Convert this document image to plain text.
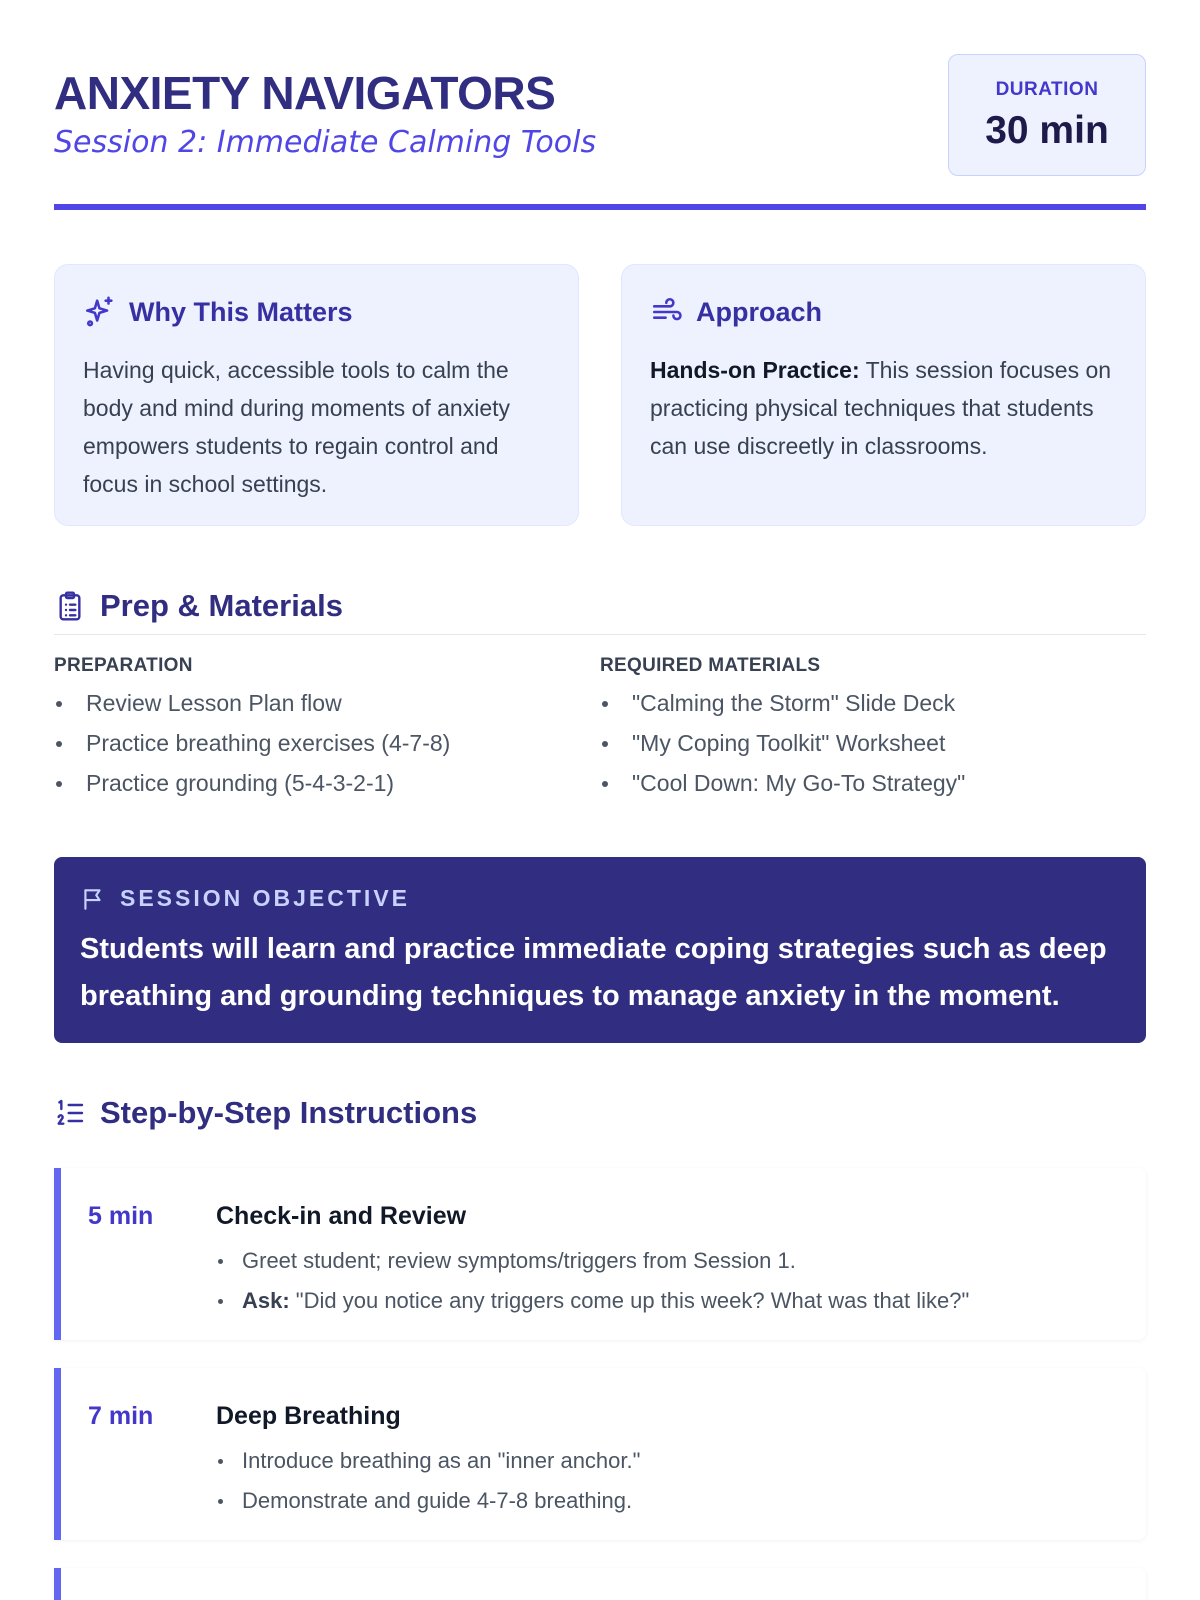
ANXIETY NAVIGATORS
Session 2: Immediate Calming Tools
DURATION
30 min
Why This Matters
Having quick, accessible tools to calm the body and mind during moments of anxiety empowers students to regain control and focus in school settings.
Approach
Hands-on Practice: This session focuses on practicing physical techniques that students can use discreetly in classrooms.
Prep & Materials
PREPARATION
Review Lesson Plan flow
Practice breathing exercises (4-7-8)
Practice grounding (5-4-3-2-1)
REQUIRED MATERIALS
"Calming the Storm" Slide Deck
"My Coping Toolkit" Worksheet
"Cool Down: My Go-To Strategy"
SESSION OBJECTIVE
Students will learn and practice immediate coping strategies such as deep breathing and grounding techniques to manage anxiety in the moment.
Step-by-Step Instructions
5 min	Check-in and Review
Greet student; review symptoms/triggers from Session 1.
Ask: "Did you notice any triggers come up this week? What was that like?"
7 min	Deep Breathing
Introduce breathing as an "inner anchor."
Demonstrate and guide 4-7-8 breathing.
